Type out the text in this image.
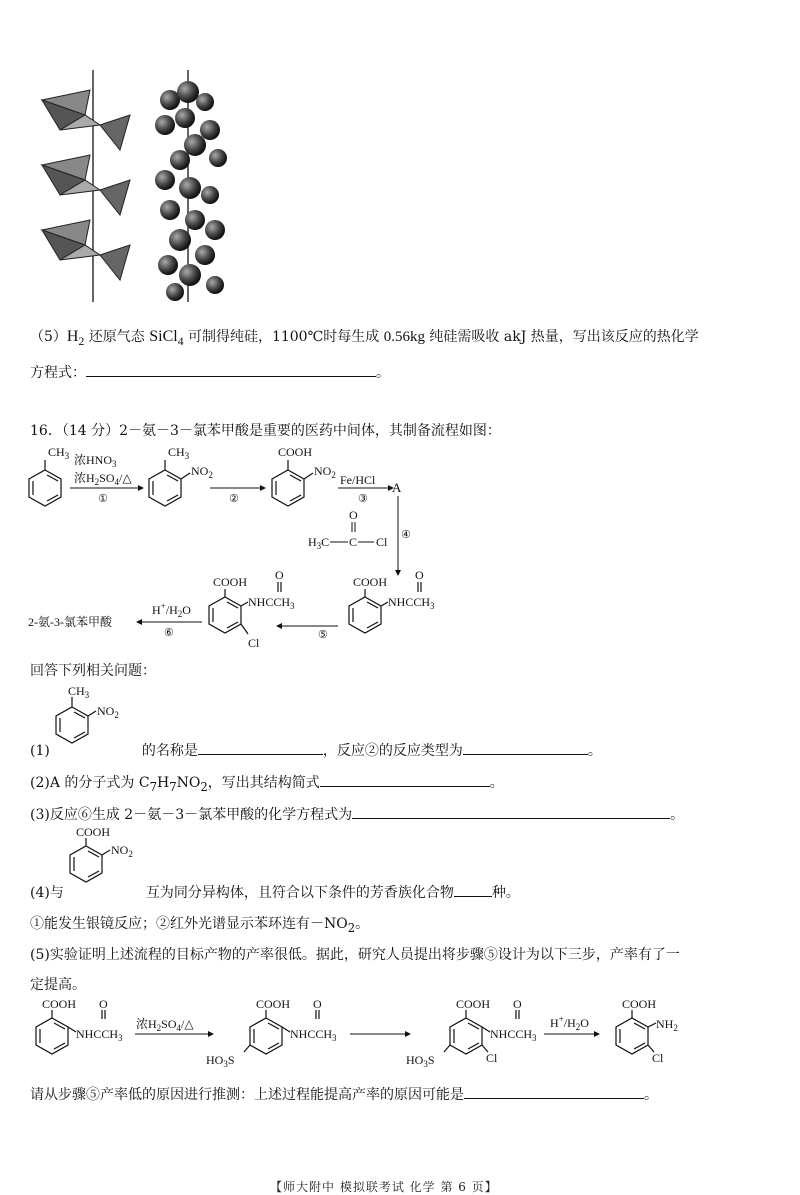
$(5)H_2$ 还原气态 SiCl$_4$ 可制得纯硅，1100℃时每生成 0.56kg 纯硅需吸收 akJ 热量，写出该反应的热化学
方程式：	。
16．（14 分）2－氨－3－氯苯甲酸是重要的医药中间体，其制备流程如图：
$CH_3$ 浓$HNO_3$
浓$H_2SO_4/\triangle$
①
$CH_3$
$NO_2$
②
COOH
$NO_2$ Fe/HCl
③
A
④
$H_3C$ C Cl
O
COOH O
$NHCCH_3$
⑤
COOH O
$NHCCH_3$
Cl
$H^+/H_2O$
⑥
2-氨-3-氯苯甲酸
回答下列相关问题：
$CH_3$
$NO_2$
(1)	的名称是	，反应②的反应类型为	。
(2)A 的分子式为 $C_7H_7NO_2$，写出其结构简式	。
(3)反应⑥生成 2－氨－3－氯苯甲酸的化学方程式为	。
COOH
$NO_2$
(4)与	互为同分异构体，且符合以下条件的芳香族化合物	种。
①能发生银镜反应；②红外光谱显示苯环连有$-NO_2$。
(5)实验证明上述流程的目标产物的产率很低。据此，研究人员提出将步骤⑤设计为以下三步，产率有了一
定提高。
COOH O
$NHCCH_3$
浓$H_2SO_4/\triangle$
COOH O
$NHCCH_3$
$HO_3S$
COOH O
$NHCCH_3$
$HO_3S$	Cl
$H^+/H_2O$
COOH
$NH_2$
Cl
请从步骤⑤产率低的原因进行推测：上述过程能提高产率的原因可能是	。
【师大附中 模拟联考试 化学 第 6 页】
